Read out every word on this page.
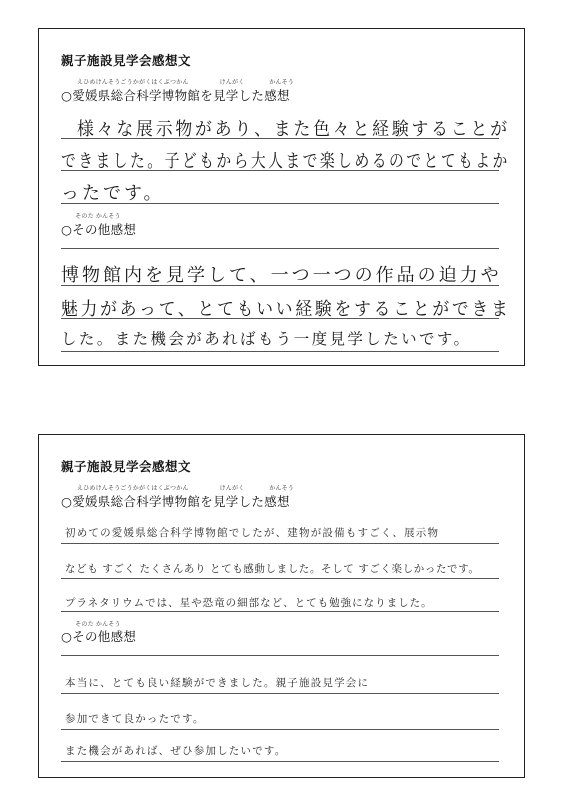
親子施設見学会感想文
えひめけんそうごうかがくはくぶつかん　　　　　けんがく　　　　かんそう
○愛媛県総合科学博物館を見学した感想
様々な展示物があり、また色々と経験することが
できました。子どもから大人まで楽しめるのでとてもよか
ったです。
　そのた かんそう
○その他感想
博物館内を見学して、一つ一つの作品の迫力や
魅力があって、とてもいい経験をすることができま
した。また機会があればもう一度見学したいです。
親子施設見学会感想文
えひめけんそうごうかがくはくぶつかん　　　　　けんがく　　　　かんそう
○愛媛県総合科学博物館を見学した感想
初めての愛媛県総合科学博物館でしたが、建物が設備もすごく、展示物
なども すごく たくさんあり とても感動しました。そして すごく楽しかったです。
プラネタリウムでは、星や恐竜の細部など、とても勉強になりました。
　そのた かんそう
○その他感想
本当に、とても良い経験ができました。親子施設見学会に
参加できて良かったです。
また機会があれば、ぜひ参加したいです。
